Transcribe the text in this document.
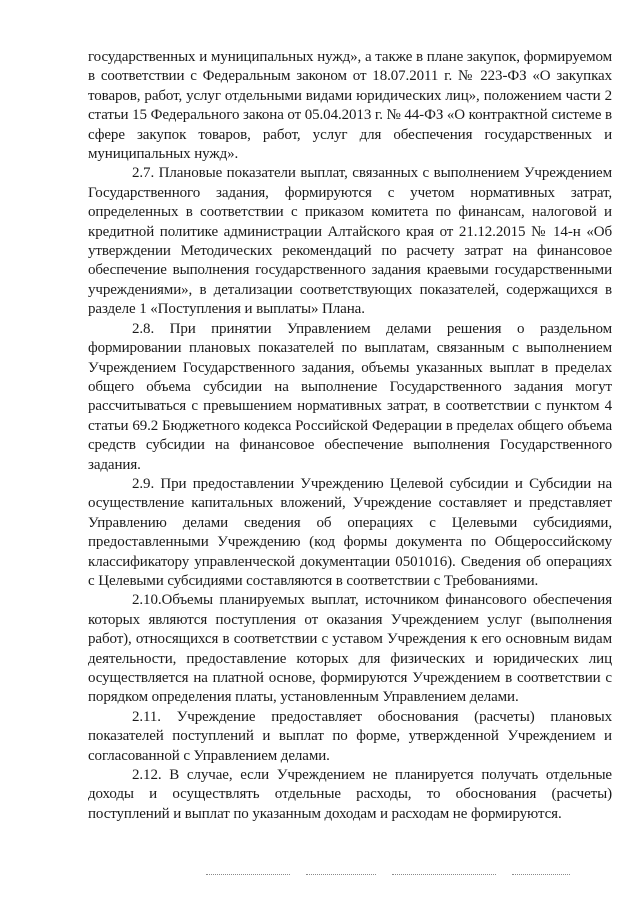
государственных и муниципальных нужд», а также в плане закупок, формируемом в соответствии с Федеральным законом от 18.07.2011 г. № 223-ФЗ «О закупках товаров, работ, услуг отдельными видами юридических лиц», положением части 2 статьи 15 Федерального закона от 05.04.2013 г. № 44-ФЗ «О контрактной системе в сфере закупок товаров, работ, услуг для обеспечения государственных и муниципальных нужд».

2.7. Плановые показатели выплат, связанных с выполнением Учреждением Государственного задания, формируются с учетом нормативных затрат, определенных в соответствии с приказом комитета по финансам, налоговой и кредитной политике администрации Алтайского края от 21.12.2015 № 14-н «Об утверждении Методических рекомендаций по расчету затрат на финансовое обеспечение выполнения государственного задания краевыми государственными учреждениями», в детализации соответствующих показателей, содержащихся в разделе 1 «Поступления и выплаты» Плана.

2.8. При принятии Управлением делами решения о раздельном формировании плановых показателей по выплатам, связанным с выполнением Учреждением Государственного задания, объемы указанных выплат в пределах общего объема субсидии на выполнение Государственного задания могут рассчитываться с превышением нормативных затрат, в соответствии с пунктом 4 статьи 69.2 Бюджетного кодекса Российской Федерации в пределах общего объема средств субсидии на финансовое обеспечение выполнения Государственного задания.

2.9. При предоставлении Учреждению Целевой субсидии и Субсидии на осуществление капитальных вложений, Учреждение составляет и представляет Управлению делами сведения об операциях с Целевыми субсидиями, предоставленными Учреждению (код формы документа по Общероссийскому классификатору управленческой документации 0501016). Сведения об операциях с Целевыми субсидиями составляются в соответствии с Требованиями.

2.10.Объемы планируемых выплат, источником финансового обеспечения которых являются поступления от оказания Учреждением услуг (выполнения работ), относящихся в соответствии с уставом Учреждения к его основным видам деятельности, предоставление которых для физических и юридических лиц осуществляется на платной основе, формируются Учреждением в соответствии с порядком определения платы, установленным Управлением делами.

2.11. Учреждение предоставляет обоснования (расчеты) плановых показателей поступлений и выплат по форме, утвержденной Учреждением и согласованной с Управлением делами.

2.12. В случае, если Учреждением не планируется получать отдельные доходы и осуществлять отдельные расходы, то обоснования (расчеты) поступлений и выплат по указанным доходам и расходам не формируются.
